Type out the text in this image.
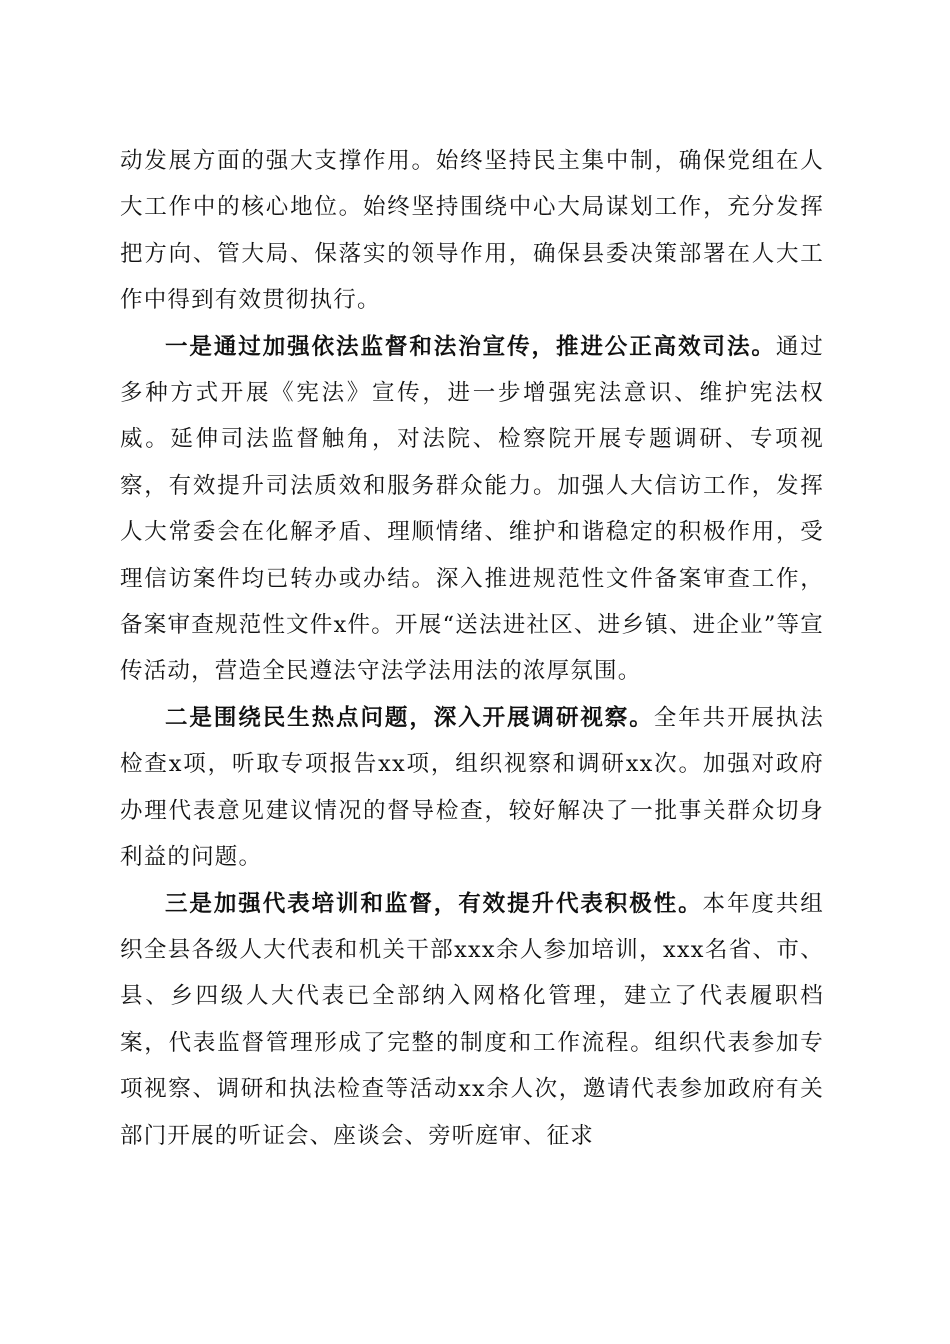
动发展方面的强大支撑作用。始终坚持民主集中制，确保党组在人大工作中的核心地位。始终坚持围绕中心大局谋划工作，充分发挥把方向、管大局、保落实的领导作用，确保县委决策部署在人大工作中得到有效贯彻执行。

一是通过加强依法监督和法治宣传，推进公正高效司法。通过多种方式开展《宪法》宣传，进一步增强宪法意识、维护宪法权威。延伸司法监督触角，对法院、检察院开展专题调研、专项视察，有效提升司法质效和服务群众能力。加强人大信访工作，发挥人大常委会在化解矛盾、理顺情绪、维护和谐稳定的积极作用，受理信访案件均已转办或办结。深入推进规范性文件备案审查工作，备案审查规范性文件x件。开展“送法进社区、进乡镇、进企业”等宣传活动，营造全民遵法守法学法用法的浓厚氛围。

二是围绕民生热点问题，深入开展调研视察。全年共开展执法检查x项，听取专项报告xx项，组织视察和调研xx次。加强对政府办理代表意见建议情况的督导检查，较好解决了一批事关群众切身利益的问题。

三是加强代表培训和监督，有效提升代表积极性。本年度共组织全县各级人大代表和机关干部xxx余人参加培训，xxx名省、市、县、乡四级人大代表已全部纳入网格化管理，建立了代表履职档案，代表监督管理形成了完整的制度和工作流程。组织代表参加专项视察、调研和执法检查等活动xx余人次，邀请代表参加政府有关部门开展的听证会、座谈会、旁听庭审、征求
